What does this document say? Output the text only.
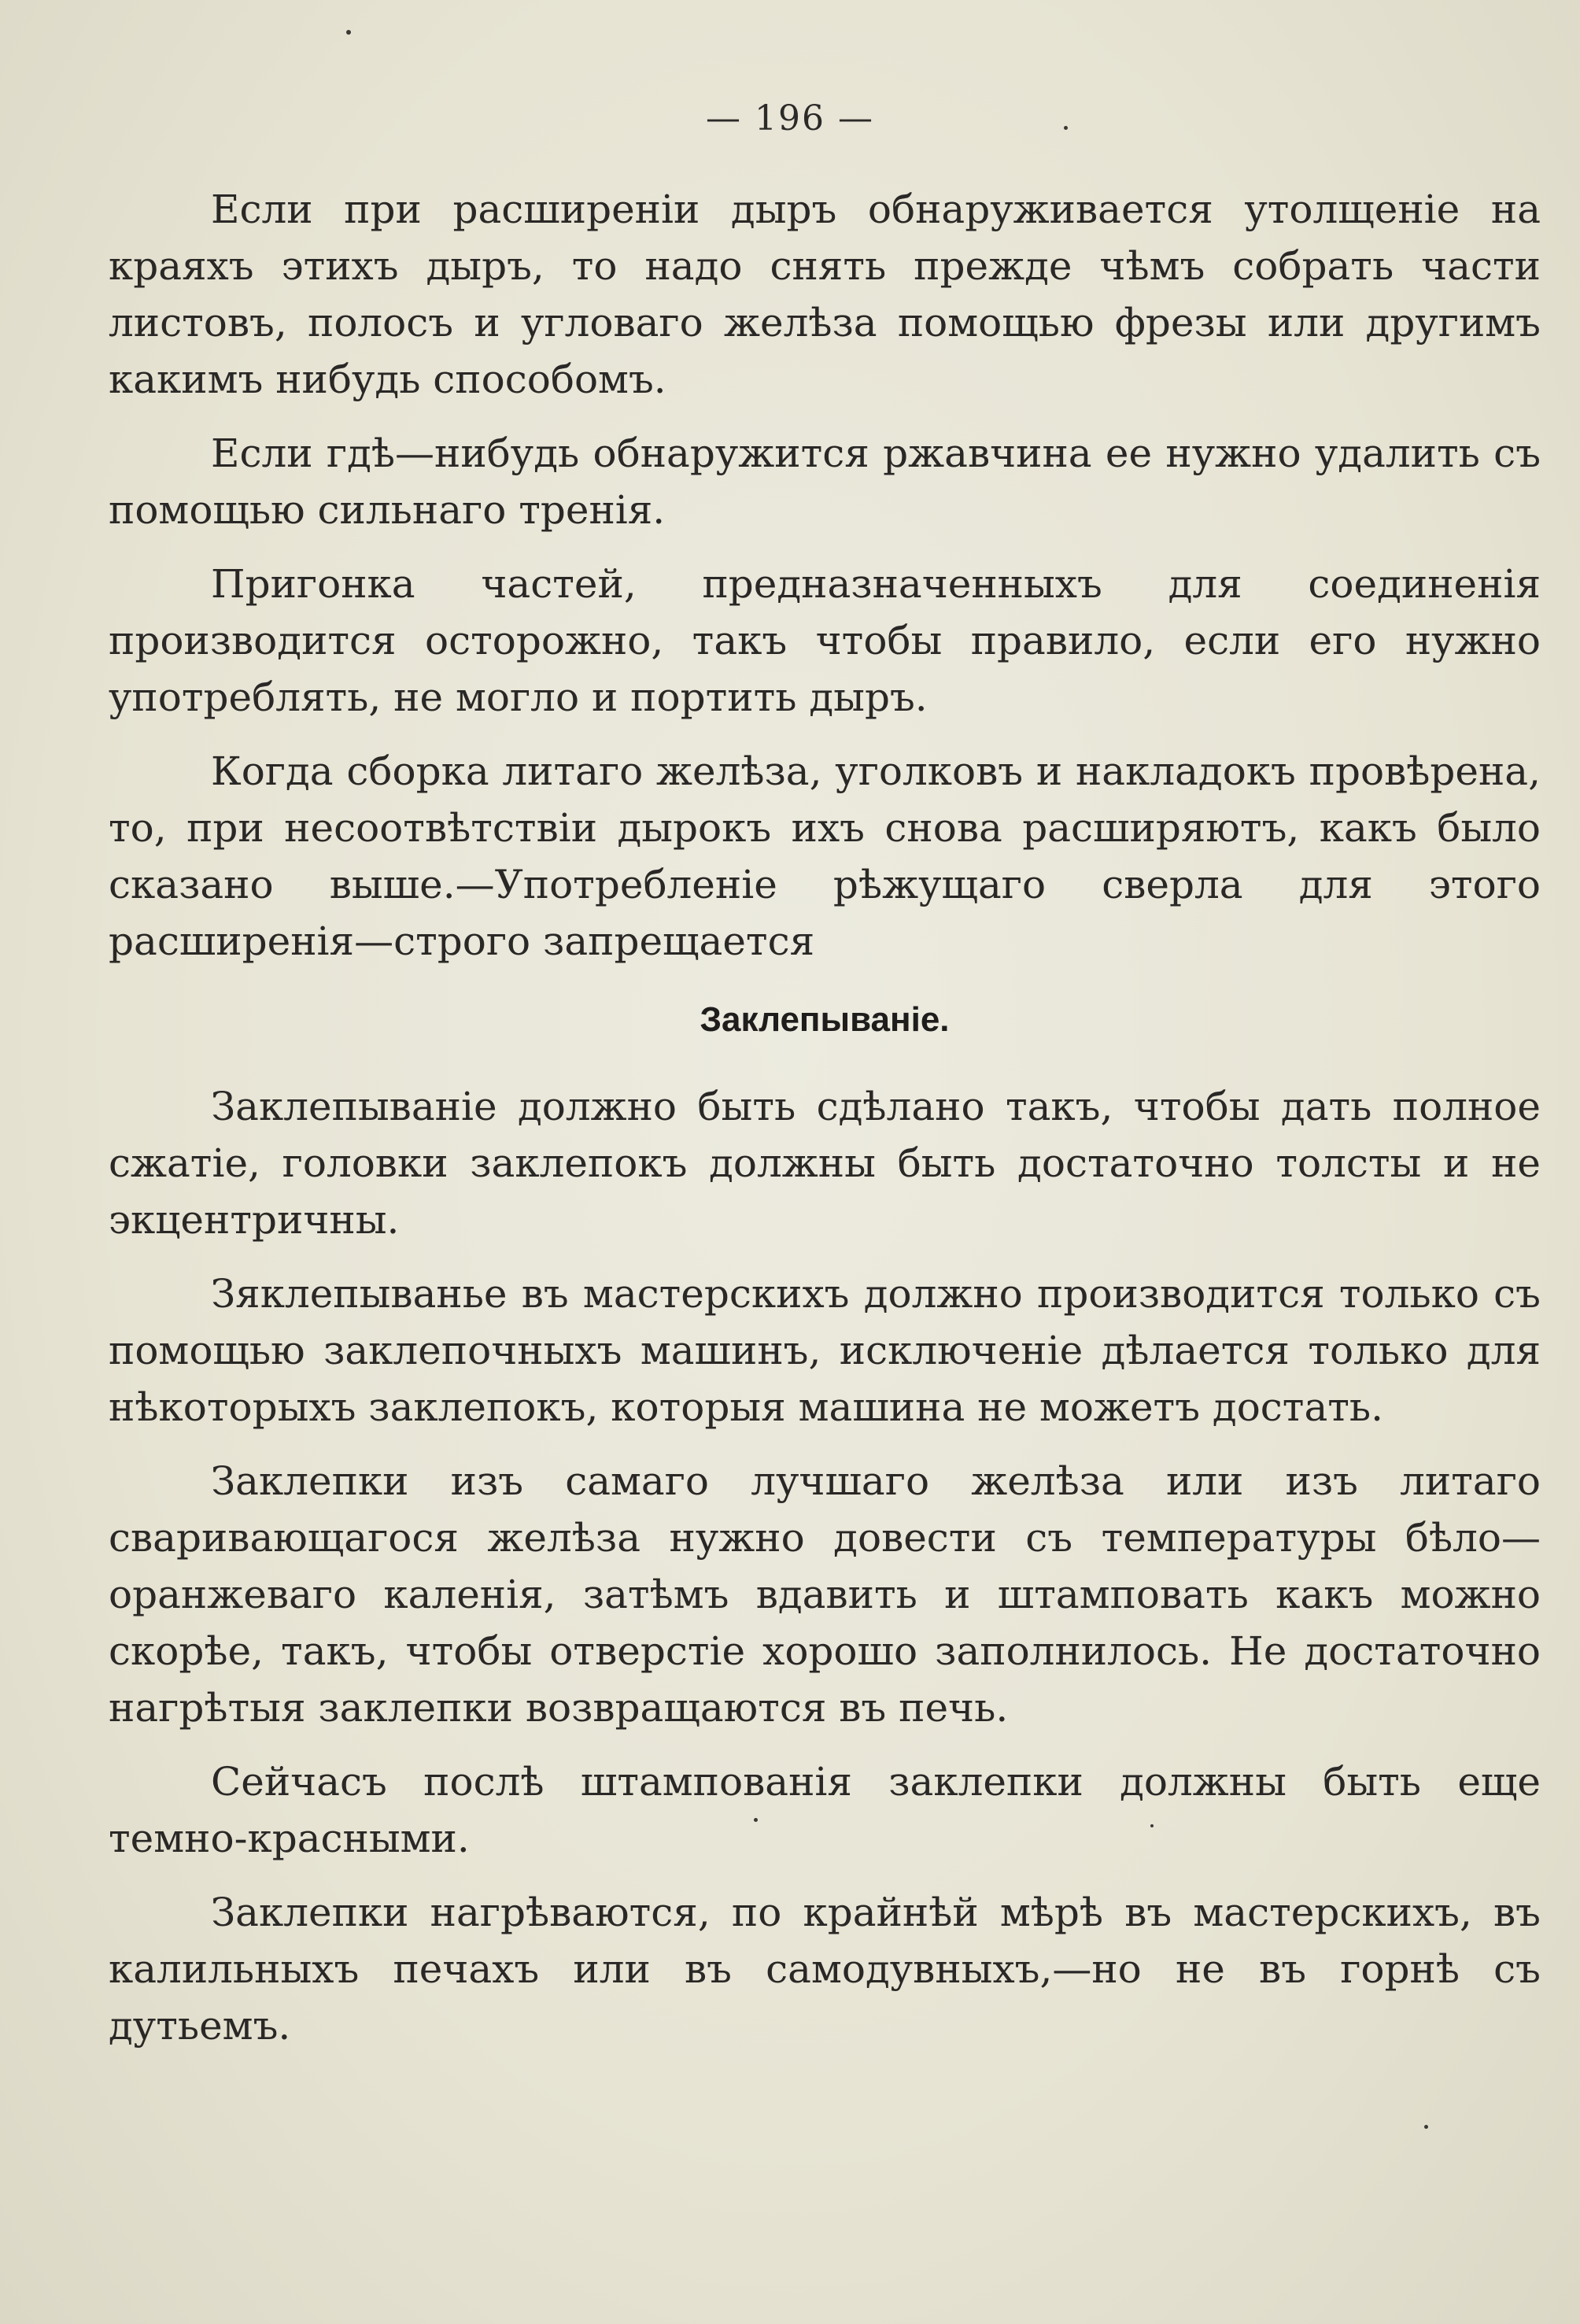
— 196 —

Если при расширенiи дыръ обнаруживается утолщенiе на краяхъ этихъ дыръ, то надо снять прежде чѣмъ собрать части листовъ, полосъ и угловаго желѣза помощью фрезы или другимъ какимъ нибудь способомъ.

Если гдѣ—нибудь обнаружится ржавчина ее нужно удалить съ помощью сильнаго тренiя.

Пригонка частей, предназначенныхъ для соединенiя производится осторожно, такъ чтобы правило, если его нужно употреблять, не могло и портить дыръ.

Когда сборка литаго желѣза, уголковъ и накладокъ провѣрена, то, при несоотвѣтствiи дырокъ ихъ снова расширяютъ, какъ было сказано выше.—Употребленiе рѣжущаго сверла для этого расширенiя—строго запрещается

Заклепыванiе.

Заклепыванiе должно быть сдѣлано такъ, чтобы дать полное сжатiе, головки заклепокъ должны быть достаточно толсты и не экцентричны.

Зяклепыванье въ мастерскихъ должно производится только съ помощью заклепочныхъ машинъ, исключенiе дѣлается только для нѣкоторыхъ заклепокъ, которыя машина не можетъ достать.

Заклепки изъ самаго лучшаго желѣза или изъ литаго сваривающагося желѣза нужно довести съ температуры бѣло—оранжеваго каленiя, затѣмъ вдавить и штамповать какъ можно скорѣе, такъ, чтобы отверстiе хорошо заполнилось. Не достаточно нагрѣтыя заклепки возвращаются въ печь.

Сейчасъ послѣ штампованiя заклепки должны быть еще темно-красными.

Заклепки нагрѣваются, по крайнѣй мѣрѣ въ мастерскихъ, въ калильныхъ печахъ или въ самодувныхъ,—но не въ горнѣ съ дутьемъ.
